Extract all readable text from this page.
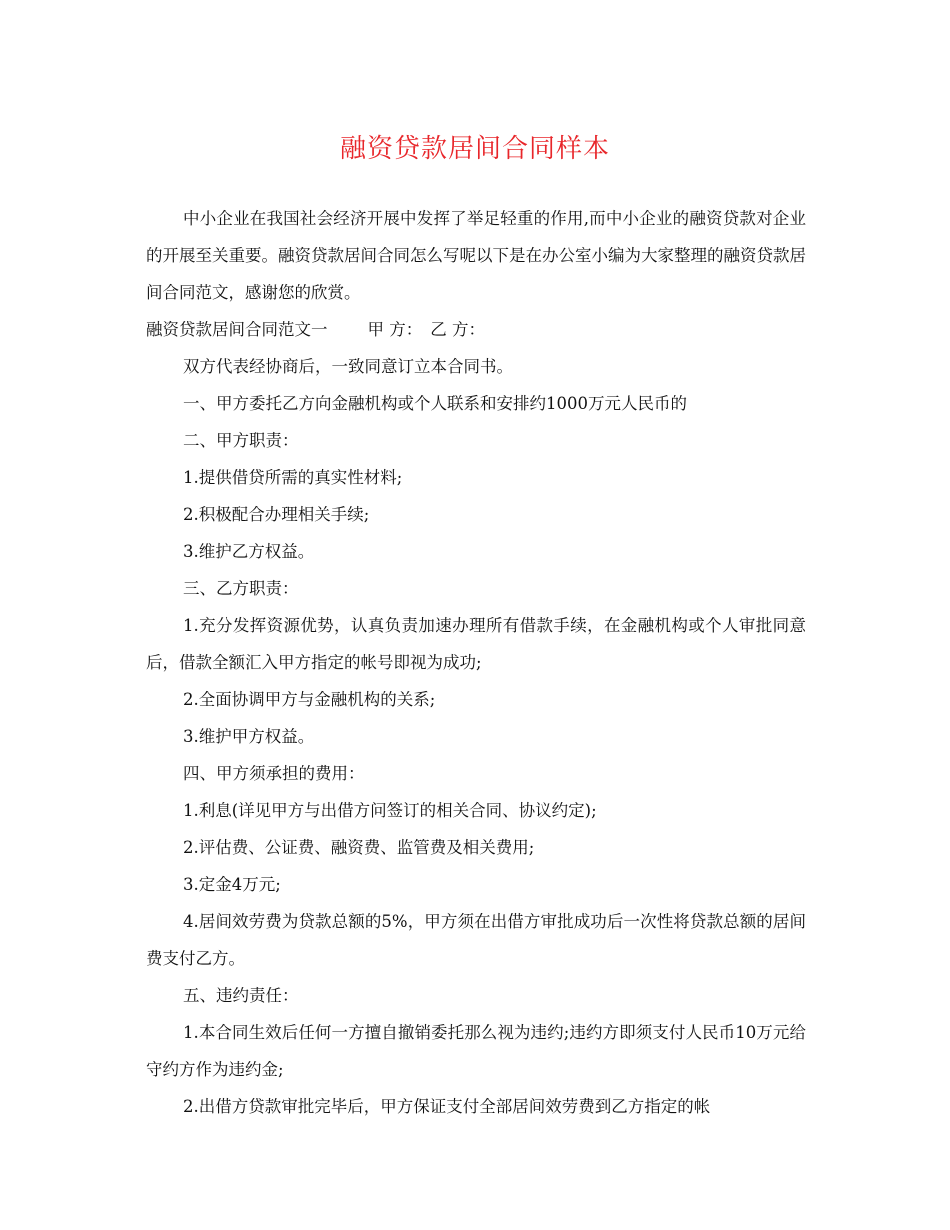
融资贷款居间合同样本

中小企业在我国社会经济开展中发挥了举足轻重的作用,而中小企业的融资贷款对企业的开展至关重要。融资贷款居间合同怎么写呢以下是在办公室小编为大家整理的融资贷款居间合同范文，感谢您的欣赏。

融资贷款居间合同范文一 甲 方： 乙 方：

双方代表经协商后，一致同意订立本合同书。

一、甲方委托乙方向金融机构或个人联系和安排约1000万元人民币的

二、甲方职责：

1.提供借贷所需的真实性材料;

2.积极配合办理相关手续;

3.维护乙方权益。

三、乙方职责：

1.充分发挥资源优势，认真负责加速办理所有借款手续，在金融机构或个人审批同意后，借款全额汇入甲方指定的帐号即视为成功;

2.全面协调甲方与金融机构的关系;

3.维护甲方权益。

四、甲方须承担的费用：

1.利息(详见甲方与出借方问签订的相关合同、协议约定);

2.评估费、公证费、融资费、监管费及相关费用;

3.定金4万元;

4.居间效劳费为贷款总额的5%，甲方须在出借方审批成功后一次性将贷款总额的居间费支付乙方。

五、违约责任：

1.本合同生效后任何一方擅自撤销委托那么视为违约;违约方即须支付人民币10万元给守约方作为违约金;

2.出借方贷款审批完毕后，甲方保证支付全部居间效劳费到乙方指定的帐
